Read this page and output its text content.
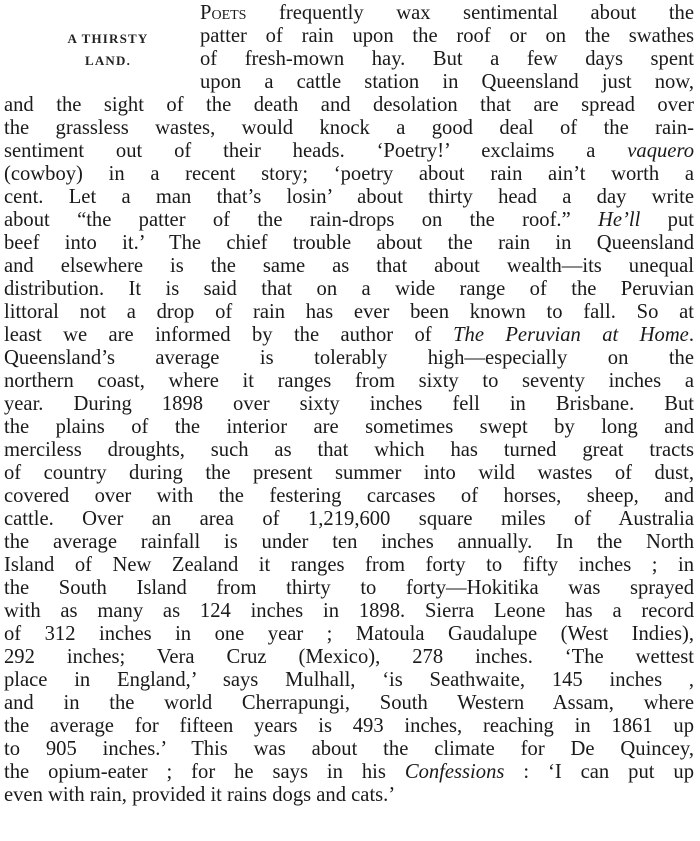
A THIRSTY
LAND.
Poets frequently wax sentimental about the
patter of rain upon the roof or on the swathes
of fresh-mown hay. But a few days spent
upon a cattle station in Queensland just now,
and the sight of the death and desolation that are spread over
the grassless wastes, would knock a good deal of the rain-
sentiment out of their heads. ‘Poetry!’ exclaims a vaquero
(cowboy) in a recent story; ‘poetry about rain ain’t worth a
cent. Let a man that’s losin’ about thirty head a day write
about “the patter of the rain-drops on the roof.” He’ll put
beef into it.’ The chief trouble about the rain in Queensland
and elsewhere is the same as that about wealth—its unequal
distribution. It is said that on a wide range of the Peruvian
littoral not a drop of rain has ever been known to fall. So at
least we are informed by the author of The Peruvian at Home.
Queensland’s average is tolerably high—especially on the
northern coast, where it ranges from sixty to seventy inches a
year. During 1898 over sixty inches fell in Brisbane. But
the plains of the interior are sometimes swept by long and
merciless droughts, such as that which has turned great tracts
of country during the present summer into wild wastes of dust,
covered over with the festering carcases of horses, sheep, and
cattle. Over an area of 1,219,600 square miles of Australia
the average rainfall is under ten inches annually. In the North
Island of New Zealand it ranges from forty to fifty inches ; in
the South Island from thirty to forty—Hokitika was sprayed
with as many as 124 inches in 1898. Sierra Leone has a record
of 312 inches in one year ; Matoula Gaudalupe (West Indies),
292 inches; Vera Cruz (Mexico), 278 inches. ‘The wettest
place in England,’ says Mulhall, ‘is Seathwaite, 145 inches ,
and in the world Cherrapungi, South Western Assam, where
the average for fifteen years is 493 inches, reaching in 1861 up
to 905 inches.’ This was about the climate for De Quincey,
the opium-eater ; for he says in his Confessions : ‘I can put up
even with rain, provided it rains dogs and cats.’
